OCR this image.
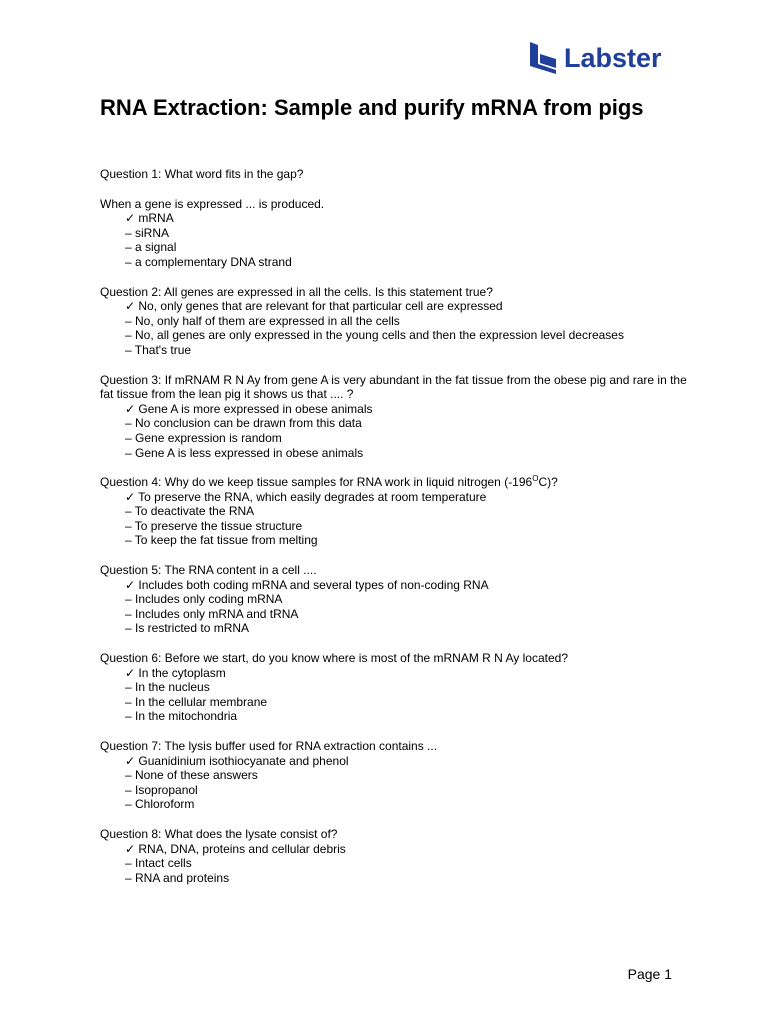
Labster
RNA Extraction: Sample and purify mRNA from pigs

Question 1: What word fits in the gap?

When a gene is expressed ... is produced.

✓ mRNA
– siRNA
– a signal
– a complementary DNA strand

Question 2: All genes are expressed in all the cells. Is this statement true?

✓ No, only genes that are relevant for that particular cell are expressed
– No, only half of them are expressed in all the cells
– No, all genes are only expressed in the young cells and then the expression level decreases
– That's true

Question 3: If mRNAM R N Ay from gene A is very abundant in the fat tissue from the obese pig and rare in the fat tissue from the lean pig it shows us that .... ?

✓ Gene A is more expressed in obese animals
– No conclusion can be drawn from this data
– Gene expression is random
– Gene A is less expressed in obese animals

Question 4: Why do we keep tissue samples for RNA work in liquid nitrogen $(-196^OC)$?

✓ To preserve the RNA, which easily degrades at room temperature
– To deactivate the RNA
– To preserve the tissue structure
– To keep the fat tissue from melting

Question 5: The RNA content in a cell ....

✓ Includes both coding mRNA and several types of non-coding RNA
– Includes only coding mRNA
– Includes only mRNA and tRNA
– Is restricted to mRNA

Question 6: Before we start, do you know where is most of the mRNAM R N Ay located?

✓ In the cytoplasm
– In the nucleus
– In the cellular membrane
– In the mitochondria

Question 7: The lysis buffer used for RNA extraction contains ...

✓ Guanidinium isothiocyanate and phenol
– None of these answers
– Isopropanol
– Chloroform

Question 8: What does the lysate consist of?

✓ RNA, DNA, proteins and cellular debris
– Intact cells
– RNA and proteins
Page 1
